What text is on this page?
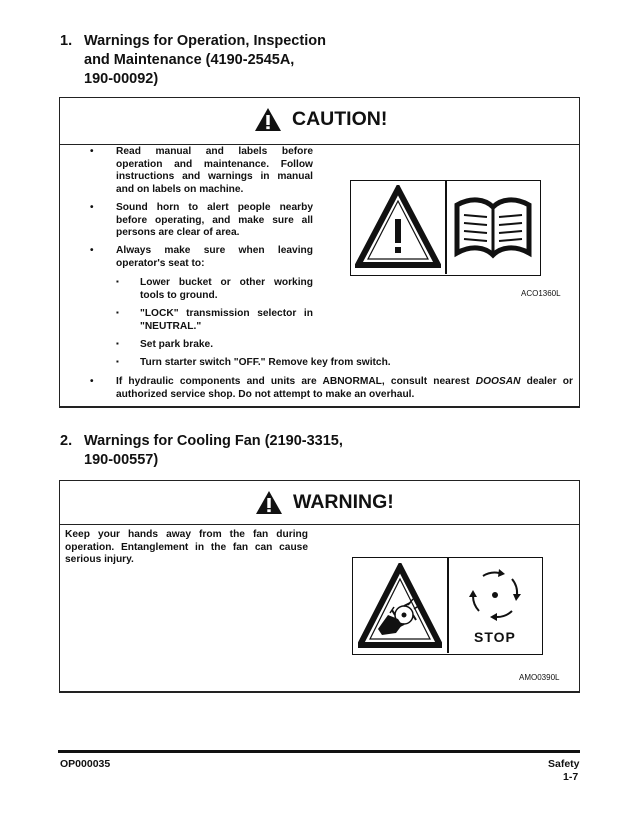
1. Warnings for Operation, Inspection
and Maintenance (4190-2545A,
190-00092)
CAUTION!
• Read manual and labels before operation and maintenance. Follow instructions and warnings in manual and on labels on machine.
• Sound horn to alert people nearby before operating, and make sure all persons are clear of area.
• Always make sure when leaving operator's seat to:
▪ Lower bucket or other working tools to ground.
▪ "LOCK" transmission selector in "NEUTRAL."
▪ Set park brake.
▪ Turn starter switch "OFF." Remove key from switch.
• If hydraulic components and units are ABNORMAL, consult nearest DOOSAN dealer or authorized service shop. Do not attempt to make an overhaul.
ACO1360L
2. Warnings for Cooling Fan (2190-3315,
190-00557)
WARNING!
Keep your hands away from the fan during operation. Entanglement in the fan can cause serious injury.
STOP
AMO0390L
OP000035	Safety
1-7
